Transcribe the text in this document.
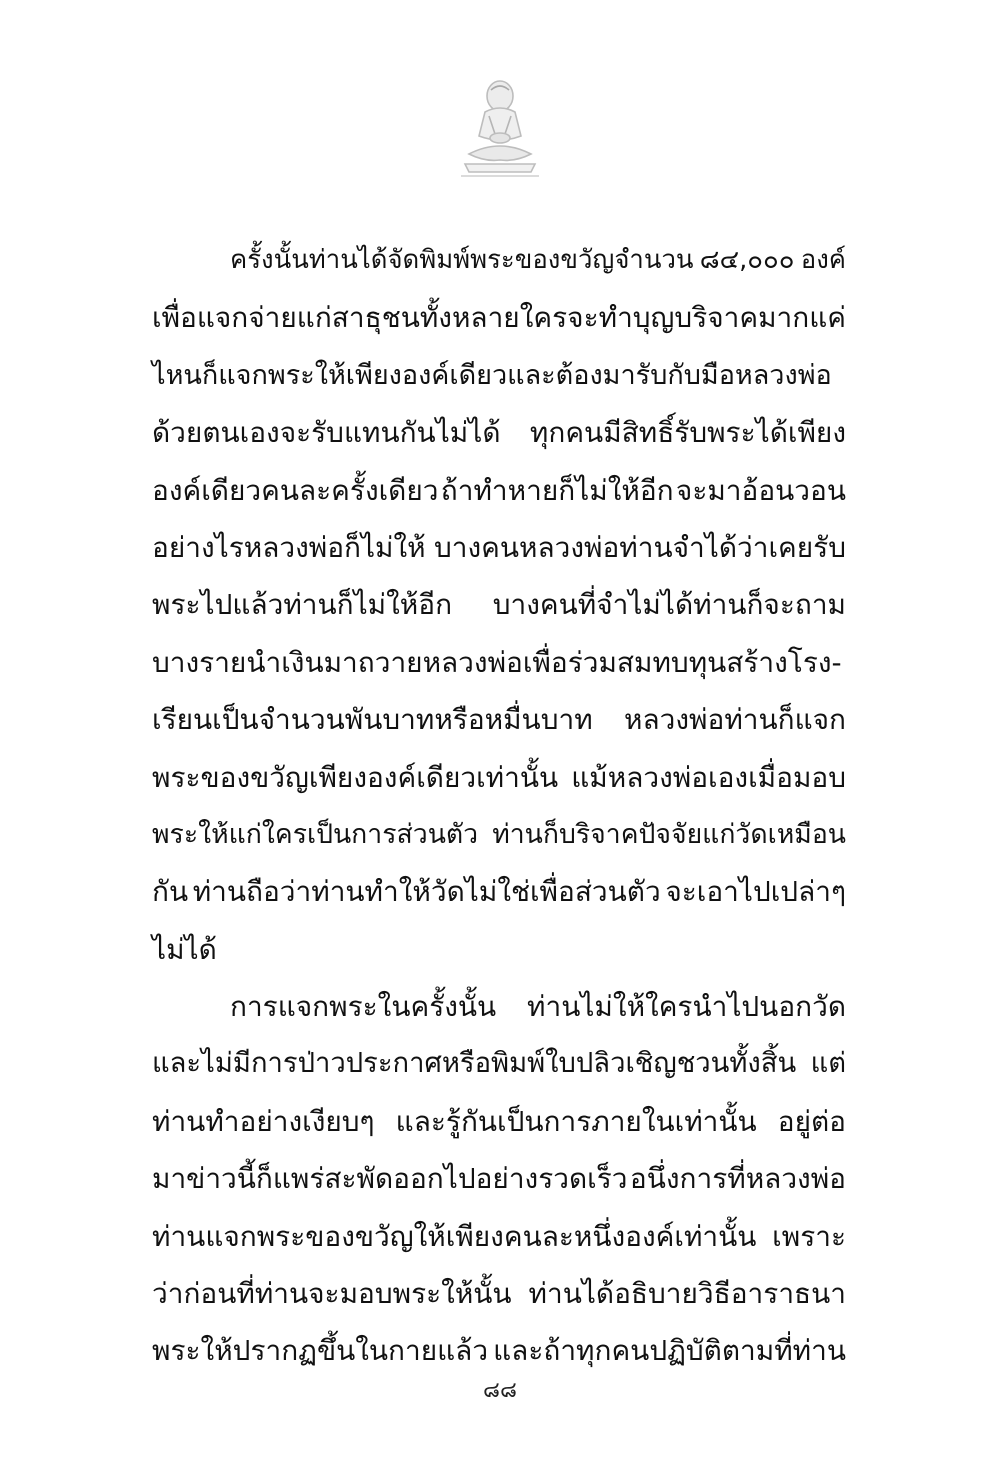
ครั้งนั้นท่านได้จัดพิมพ์พระของขวัญจำนวน ๘๔,๐๐๐ องค์
เพื่อแจกจ่ายแก่สาธุชนทั้งหลาย ใครจะทำบุญบริจาคมากแค่
ไหนก็แจกพระให้เพียงองค์เดียวและต้องมารับกับมือหลวงพ่อ
ด้วยตนเองจะรับแทนกันไม่ได้ ทุกคนมีสิทธิ์รับพระได้เพียง
องค์เดียวคนละครั้งเดียว ถ้าทำหายก็ไม่ให้อีก จะมาอ้อนวอน
อย่างไรหลวงพ่อก็ไม่ให้ บางคนหลวงพ่อท่านจำได้ว่าเคยรับ
พระไปแล้วท่านก็ไม่ให้อีก บางคนที่จำไม่ได้ท่านก็จะถาม
บางรายนำเงินมาถวายหลวงพ่อเพื่อร่วมสมทบทุนสร้างโรง-
เรียนเป็นจำนวนพันบาทหรือหมื่นบาท หลวงพ่อท่านก็แจก
พระของขวัญเพียงองค์เดียวเท่านั้น แม้หลวงพ่อเองเมื่อมอบ
พระให้แก่ใครเป็นการส่วนตัว ท่านก็บริจาคปัจจัยแก่วัดเหมือน
กัน ท่านถือว่าท่านทำให้วัดไม่ใช่เพื่อส่วนตัว จะเอาไปเปล่าๆ
ไม่ได้
การแจกพระในครั้งนั้น ท่านไม่ให้ใครนำไปนอกวัด
และไม่มีการป่าวประกาศหรือพิมพ์ใบปลิวเชิญชวนทั้งสิ้น แต่
ท่านทำอย่างเงียบๆ และรู้กันเป็นการภายในเท่านั้น อยู่ต่อ
มาข่าวนี้ก็แพร่สะพัดออกไปอย่างรวดเร็ว อนึ่งการที่หลวงพ่อ
ท่านแจกพระของขวัญให้เพียงคนละหนึ่งองค์เท่านั้น เพราะ
ว่าก่อนที่ท่านจะมอบพระให้นั้น ท่านได้อธิบายวิธีอาราธนา
พระให้ปรากฏขึ้นในกายแล้ว และถ้าทุกคนปฏิบัติตามที่ท่าน
๘๘
